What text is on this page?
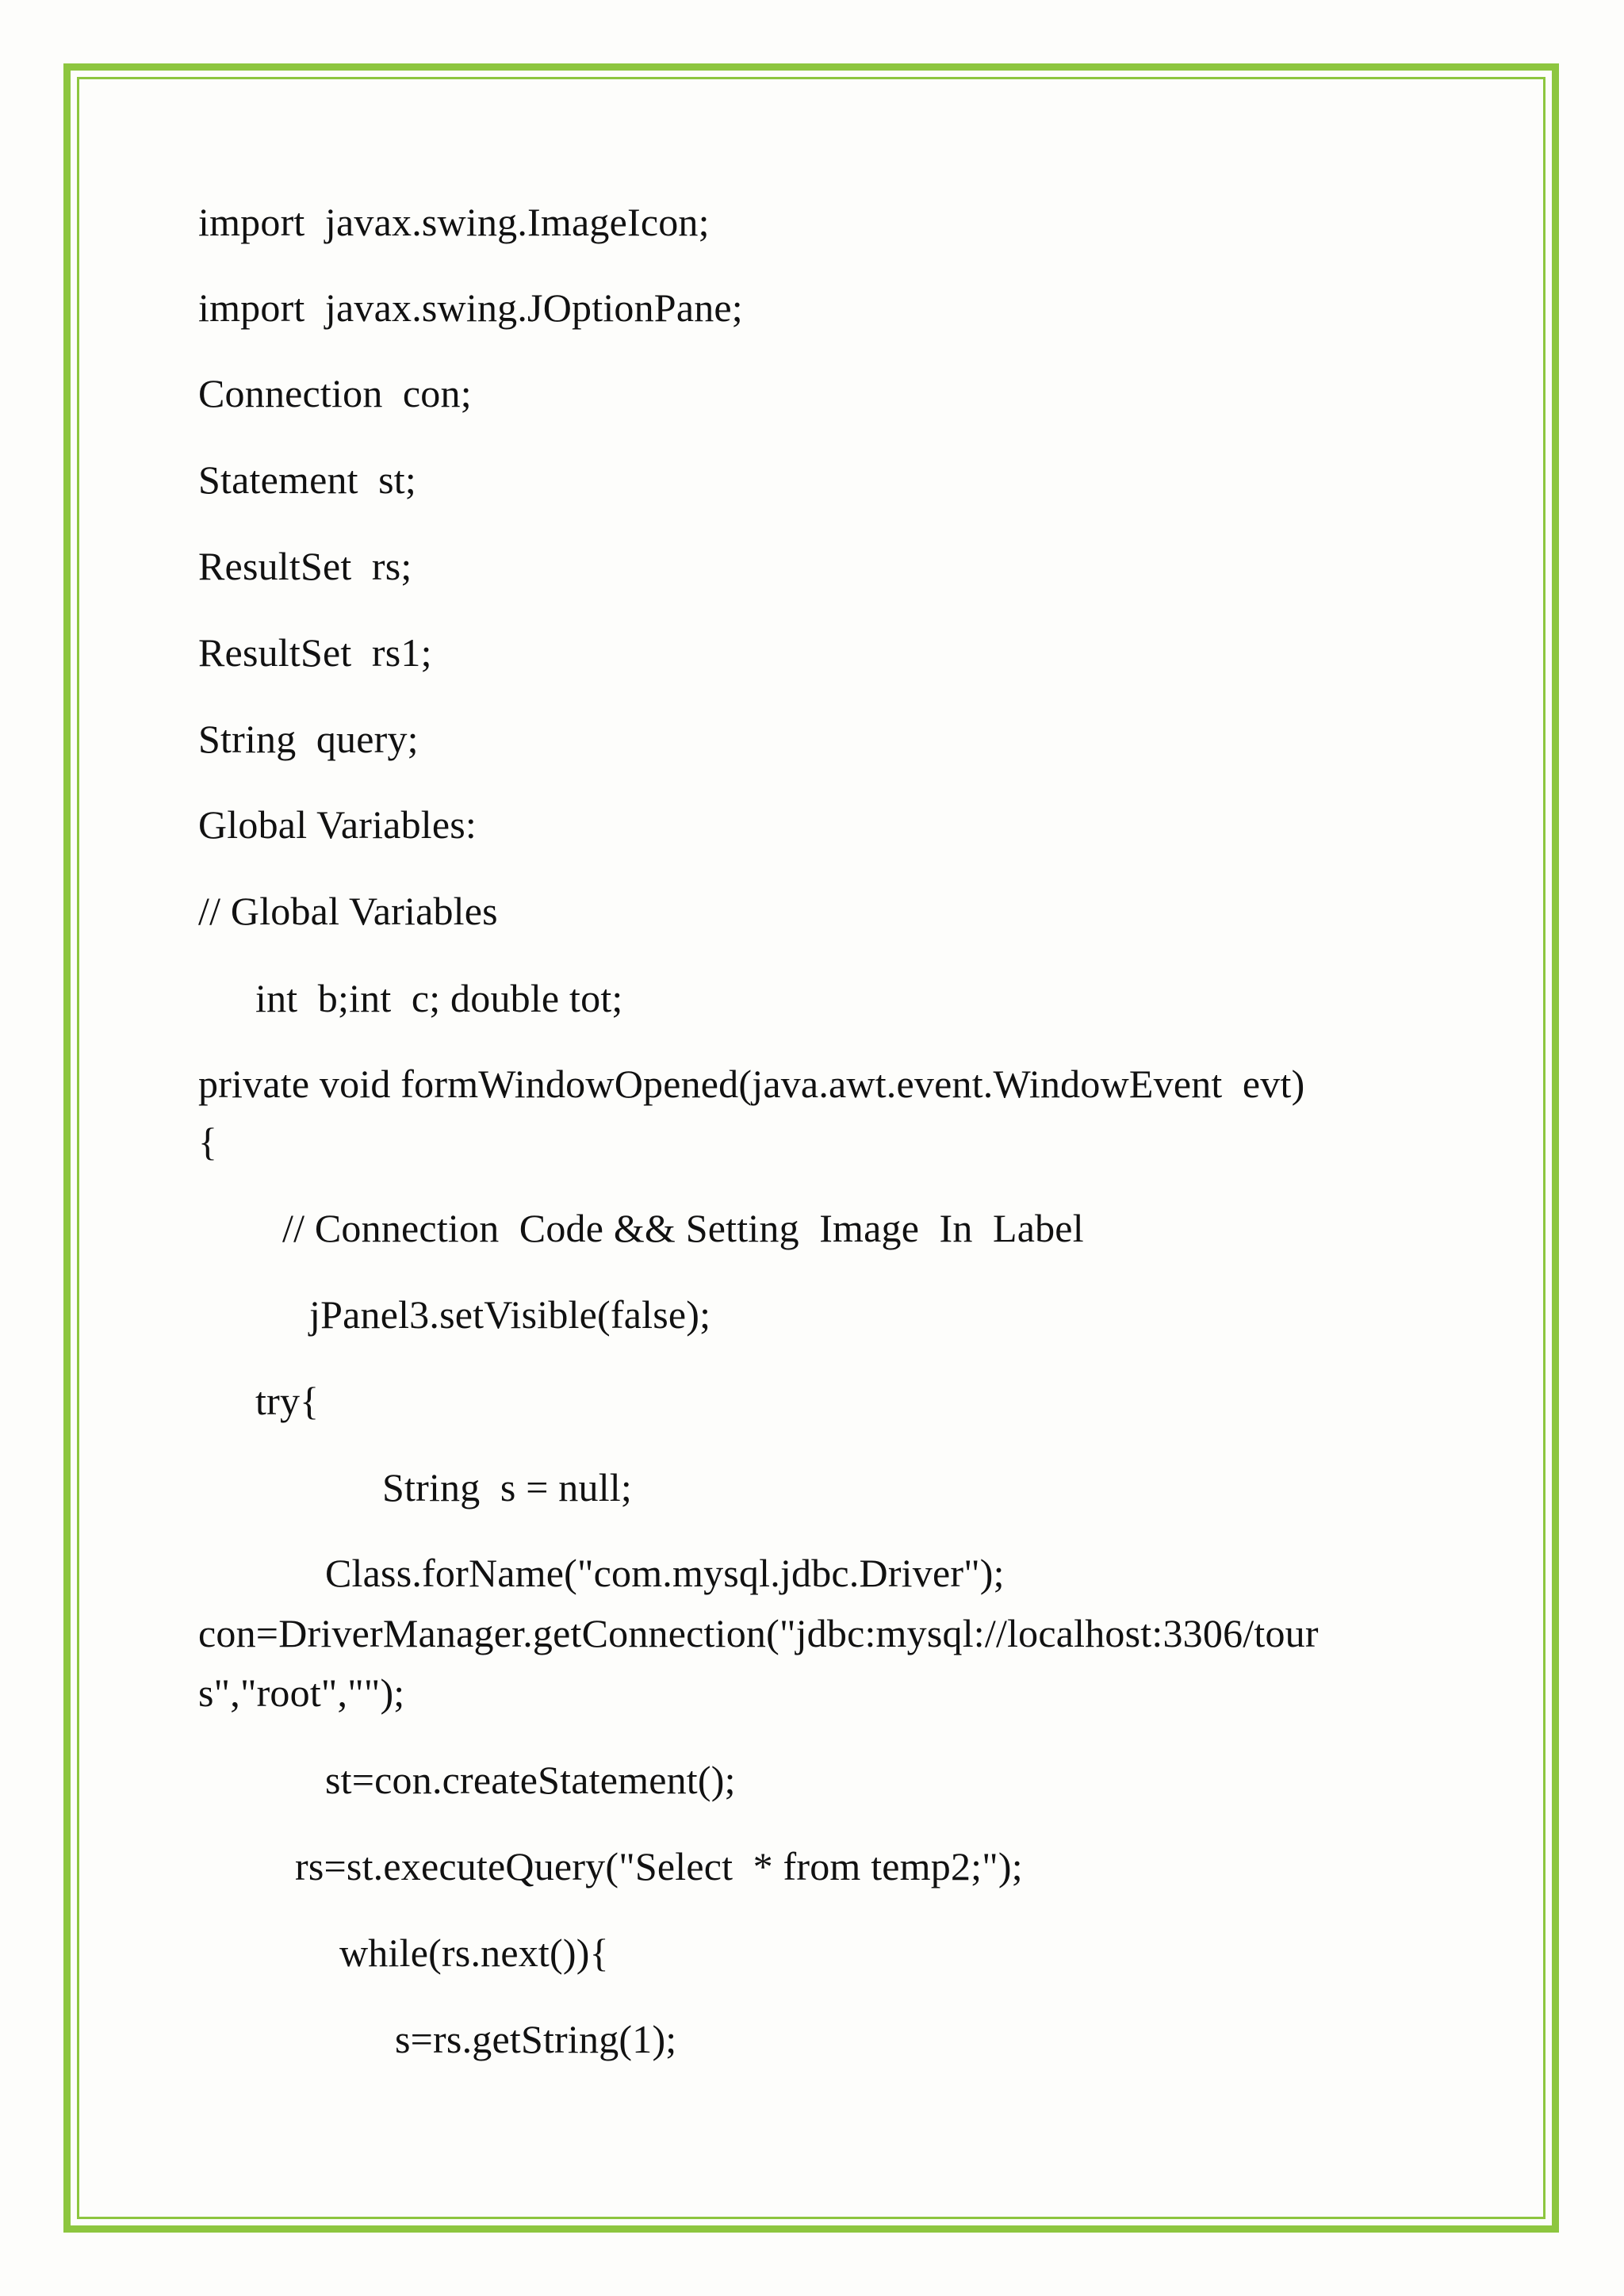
import  javax.swing.ImageIcon;
import  javax.swing.JOptionPane;
Connection  con;
Statement  st;
ResultSet  rs;
ResultSet  rs1;
String  query;
Global Variables:
// Global Variables
int  b;int  c; double tot;
private void formWindowOpened(java.awt.event.WindowEvent  evt)
{
// Connection  Code && Setting  Image  In  Label
jPanel3.setVisible(false);
try{
String  s = null;
Class.forName("com.mysql.jdbc.Driver");
con=DriverManager.getConnection("jdbc:mysql://localhost:3306/tour
s","root","");
st=con.createStatement();
rs=st.executeQuery("Select  * from temp2;");
while(rs.next()){
s=rs.getString(1);
